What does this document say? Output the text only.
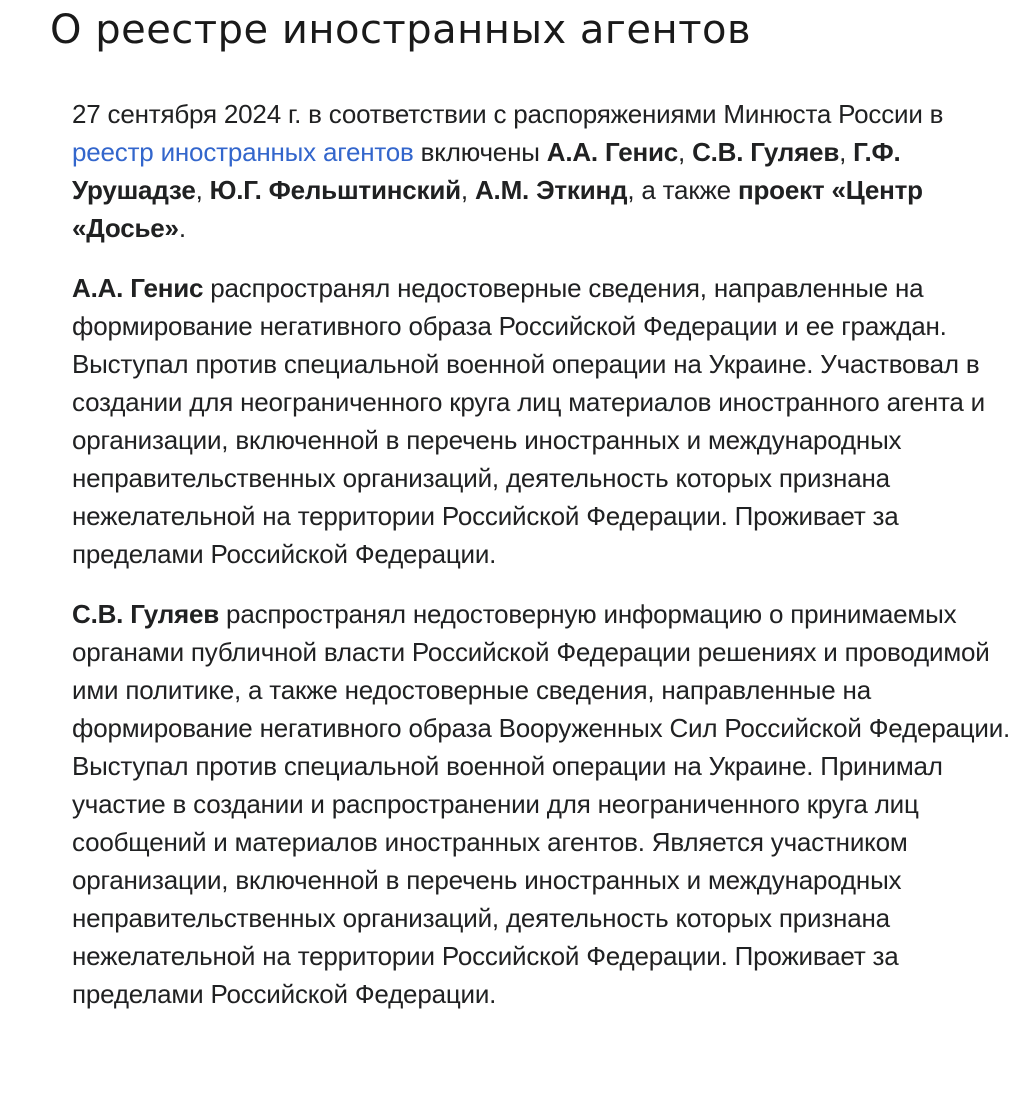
О реестре иностранных агентов

27 сентября 2024 г. в соответствии с распоряжениями Минюста России в реестр иностранных агентов включены А.А. Генис, С.В. Гуляев, Г.Ф. Урушадзе, Ю.Г. Фельштинский, А.М. Эткинд, а также проект «Центр «Досье».

А.А. Генис распространял недостоверные сведения, направленные на формирование негативного образа Российской Федерации и ее граждан. Выступал против специальной военной операции на Украине. Участвовал в создании для неограниченного круга лиц материалов иностранного агента и организации, включенной в перечень иностранных и международных неправительственных организаций, деятельность которых признана нежелательной на территории Российской Федерации. Проживает за пределами Российской Федерации.

С.В. Гуляев распространял недостоверную информацию о принимаемых органами публичной власти Российской Федерации решениях и проводимой ими политике, а также недостоверные сведения, направленные на формирование негативного образа Вооруженных Сил Российской Федерации. Выступал против специальной военной операции на Украине. Принимал участие в создании и распространении для неограниченного круга лиц сообщений и материалов иностранных агентов. Является участником организации, включенной в перечень иностранных и международных неправительственных организаций, деятельность которых признана нежелательной на территории Российской Федерации. Проживает за пределами Российской Федерации.
